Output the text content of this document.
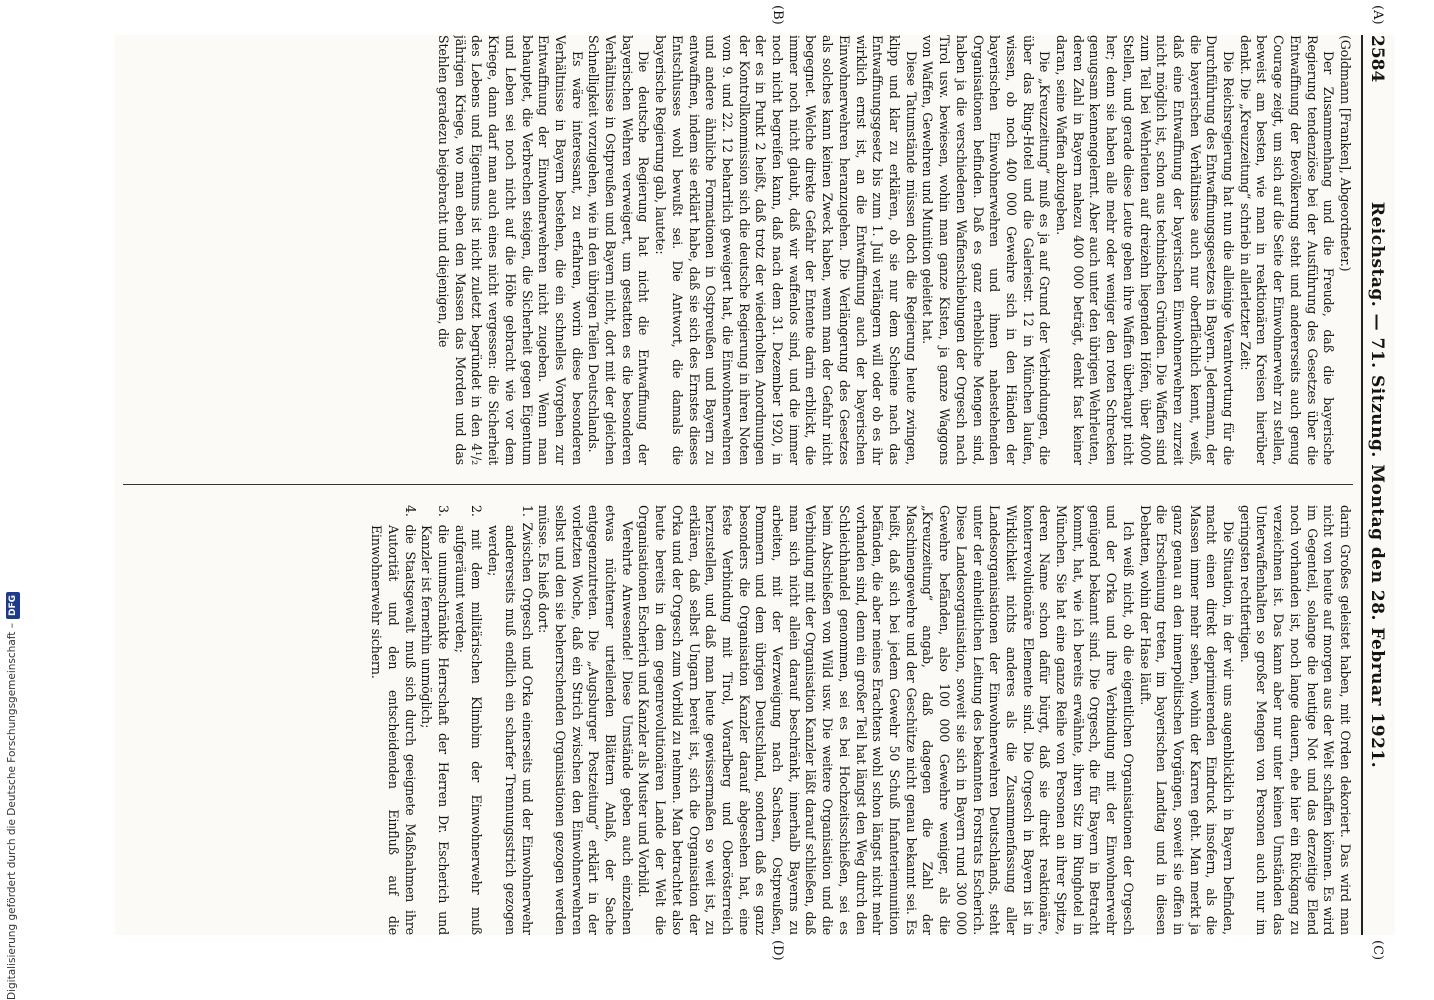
2584
Reichstag. — 71. Sitzung. Montag den 28. Februar 1921.

(Goldmann [Franken], Abgeordneter.)

Der Zusammenhang und die Freude, daß die bayerische Regierung tendenziöse bei der Ausführung des Gesetzes über die Entwaffnung der Bevölkerung steht und andererseits auch genug Courage zeigt, um sich auf die Seite der Einwohnerwehr zu stellen, beweist am besten, wie man in reaktionären Kreisen hierüber denkt. Die „Kreuzzeitung“ schrieb in allerletzter Zeit:

Die Reichsregierung hat nun die alleinige Verantwortung für die Durchführung des Entwaffnungsgesetzes in Bayern. Jedermann, der die bayerischen Verhältnisse auch nur oberflächlich kennt, weiß, daß eine Entwaffnung der bayerischen Einwohnerwehren zurzeit nicht möglich ist, schon aus technischen Gründen. Die Waffen sind zum Teil bei Wehrleuten auf dreizehn liegenden Höfen, über 4000 Stellen, und gerade diese Leute geben ihre Waffen überhaupt nicht her; denn sie haben alle mehr oder weniger den roten Schrecken genugsam kennengelernt. Aber auch unter den übrigen Wehrleuten, deren Zahl in Bayern nahezu 400 000 beträgt, denkt fast keiner daran, seine Waffen abzugeben.

Die „Kreuzzeitung“ muß es ja auf Grund der Verbindungen, die über das Ring-Hotel und die Galeriestr. 12 in München laufen, wissen, ob noch 400 000 Gewehre sich in den Händen der bayerischen Einwohnerwehren und ihnen nahestehenden Organisationen befinden. Daß es ganz erhebliche Mengen sind, haben ja die verschiedenen Waffenschiebungen der Orgesch nach Tirol usw. bewiesen, wohin man ganze Kisten, ja ganze Waggons von Waffen, Gewehren und Munition geleitet hat.

Diese Tatumstände müssen doch die Regierung heute zwingen, klipp und klar zu erklären, ob sie nur dem Scheine nach das Entwaffnungsgesetz bis zum 1. Juli verlängern will oder ob es ihr wirklich ernst ist, an die Entwaffnung auch der bayerischen Einwohnerwehren heranzugehen. Die Verlängerung des Gesetzes als solches kann keinen Zweck haben, wenn man der Gefahr nicht begegnet. Welche direkte Gefahr der Entente darin erblickt, die immer noch nicht glaubt, daß wir waffenlos sind, und die immer noch nicht begreifen kann, daß nach dem 31. Dezember 1920, in der es in Punkt 2 heißt, daß trotz der wiederholten Anordnungen der Kontrollkommission sich die deutsche Regierung in ihren Noten vom 9. und 22. 12 beharrlich geweigert hat, die Einwohnerwehren und andere ähnliche Formationen in Ostpreußen und Bayern zu entwaffnen, indem sie erklärt habe, daß sie sich des Ernstes dieses Entschlusses wohl bewußt sei. Die Antwort, die damals die bayerische Regierung gab, lautete:

Die deutsche Regierung hat nicht die Entwaffnung der bayerischen Wehren verweigert, um gestatten es die besonderen Verhältnisse in Ostpreußen und Bayern nicht, dort mit der gleichen Schnelligkeit vorzugehen, wie in den übrigen Teilen Deutschlands.

Es wäre interessant, zu erfahren, worin diese besonderen Verhältnisse in Bayern bestehen, die ein schnelles Vorgehen zur Entwaffnung der Einwohnerwehren nicht zugeben. Wenn man behauptet, die Verbrechen steigen, die Sicherheit gegen Eigentum und Leben sei noch nicht auf die Höhe gebracht wie vor dem Kriege, dann darf man auch eines nicht vergessen: die Sicherheit des Lebens und Eigentums ist nicht zuletzt begründet in den 4¹/₂ jährigen Kriege, wo man eben den Massen das Morden und das Stehlen geradezu beigebracht und diejenigen, die

darin Großes geleistet haben, mit Orden dekoriert. Das wird man nicht von heute auf morgen aus der Welt schaffen können. Es wird im Gegenteil, solange die heutige Not und das derzeitige Elend noch vorhanden ist, noch lange dauern, ehe hier ein Rückgang zu verzeichnen ist. Das kann aber nur unter keinen Umständen das Unterwaffenhalten so großer Mengen von Personen auch nur im geringsten rechtfertigen.

Die Situation, in der wir uns augenblicklich in Bayern befinden, macht einen direkt deprimierenden Eindruck insofern, als die Massen immer mehr sehen, wohin der Karren geht. Man merkt ja ganz genau an den innerpolitischen Vorgängen, soweit sie offen in die Erscheinung treten, im bayerischen Landtag und in diesen Debatten, wohin der Hase läuft.

Ich weiß nicht, ob die eigentlichen Organisationen der Orgesch und der Orka und ihre Verbindung mit der Einwohnerwehr genügend bekannt sind. Die Orgesch, die für Bayern in Betracht kommt, hat, wie ich bereits erwähnte, ihren Sitz im Ringhotel in München. Sie hat eine ganze Reihe von Personen an ihrer Spitze, deren Name schon dafür bürgt, daß sie direkt reaktionäre, konterrevolutionäre Elemente sind. Die Orgesch in Bayern ist in Wirklichkeit nichts anderes als die Zusammenfassung aller Landesorganisationen der Einwohnerwehren Deutschlands, steht unter der einheitlichen Leitung des bekannten Forstrats Escherich. Diese Landesorganisation, soweit sie sich in Bayern rund 300 000 Gewehre befänden, also 100 000 Gewehre weniger, als die „Kreuzzeitung“ angab, daß dagegen die Zahl der Maschinengewehre und der Geschütze nicht genau bekannt sei. Es heißt, daß sich bei jedem Gewehr 50 Schuß Infanteriemunition befänden, die aber meines Erachtens wohl schon längst nicht mehr vorhanden sind, denn ein großer Teil hat längst den Weg durch den Schleichhandel genommen, sei es bei Hochzeitsschießen, sei es beim Abschießen von Wild usw. Die weitere Organisation und die Verbindung mit der Organisation Kanzler läßt darauf schließen, daß man sich nicht allein darauf beschränkt, innerhalb Bayerns zu arbeiten, mit der Verzweigung nach Sachsen, Ostpreußen, Pommern und dem übrigen Deutschland, sondern daß es ganz besonders die Organisation Kanzler darauf abgesehen hat, eine feste Verbindung mit Tirol, Vorarlberg und Oberösterreich herzustellen, und daß man heute gewissermaßen so weit ist, zu erklären, daß selbst Ungarn bereit ist, sich die Organisation der Orka und der Orgesch zum Vorbild zu nehmen. Man betrachtet also heute bereits in dem gegenrevolutionären Lande der Welt die Organisationen Escherich und Kanzler als Muster und Vorbild.

Verehrte Anwesende! Diese Umstände geben auch einzelnen etwas nüchterner urteilenden Blättern Anlaß, der Sache entgegenzutreten. Die „Augsburger Postzeitung“ erklärt in der vorletzten Woche, daß ein Strich zwischen den Einwohnerwehren selbst und den sie beherrschenden Organisationen gezogen werden müsse. Es hieß dort:

1. Zwischen Orgesch und Orka einerseits und der Einwohnerwehr andererseits muß endlich ein scharfer Trennungsstrich gezogen werden;

2. mit dem militärischen Klimbim der Einwohnerwehr muß aufgeräumt werden;

3. die unumschränkte Herrschaft der Herren Dr. Escherich und Kanzler ist fernerhin unmöglich;

4. die Staatsgewalt muß sich durch geeignete Maßnahmen ihre Autorität und den entscheidenden Einfluß auf die Einwohnerwehr sichern.

(A)
(B)
(C)
(D)
Digitalisierung gefördert durch die Deutsche Forschungsgemeinschaft –DFG
